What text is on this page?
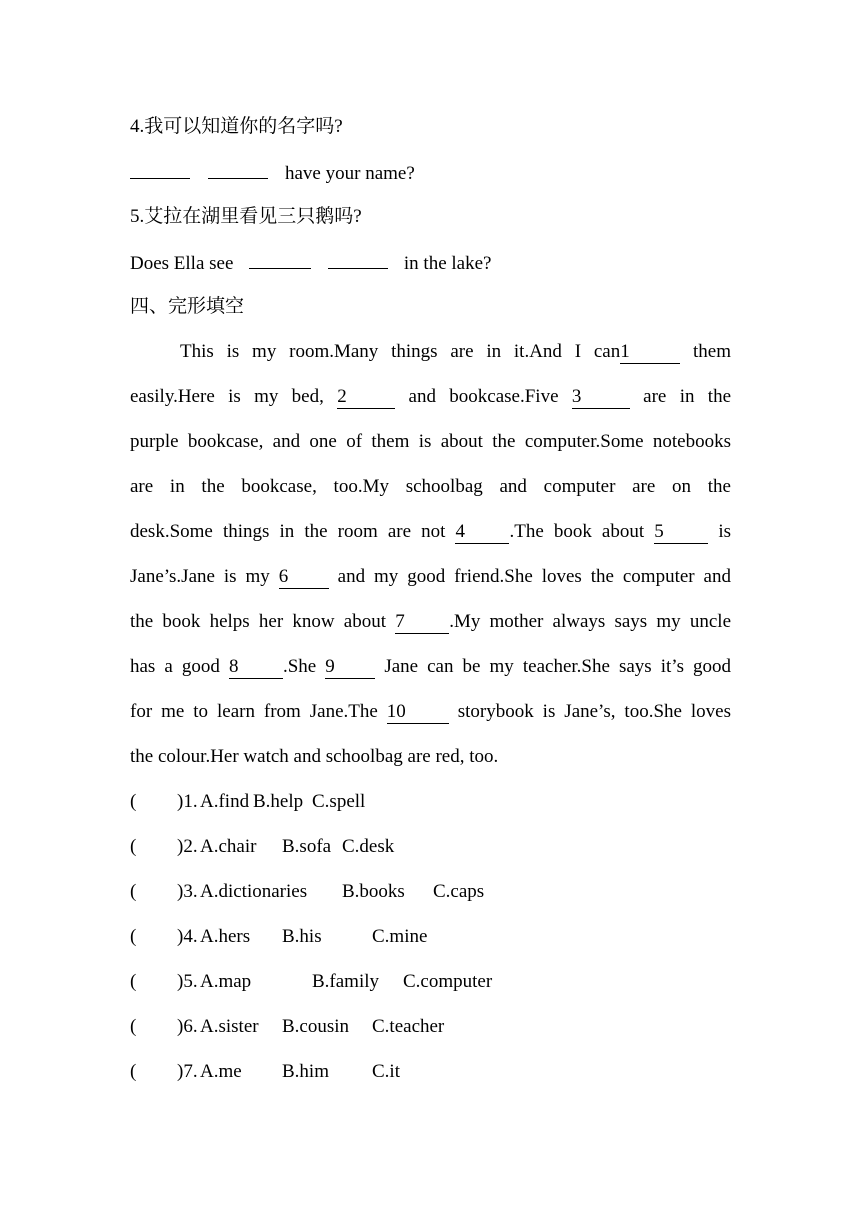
4.我可以知道你的名字吗?
have your name?
5.艾拉在湖里看见三只鹅吗?
Does Ella see	in the lake?
四、完形填空
This is my room.Many things are in it.And I can1	them
easily.Here is my bed, 2	and bookcase.Five 3	are in the
purple bookcase, and one of them is about the computer.Some notebooks
are in the bookcase, too.My schoolbag and computer are on the
desk.Some things in the room are not 4 .The book about 5	is
Jane’s.Jane is my 6	and my good friend.She loves the computer and
the book helps her know about 7 .My mother always says my uncle
has a good 8 .She 9	Jane can be my teacher.She says it’s good
for me to learn from Jane.The 10	storybook is Jane’s, too.She loves
the colour.Her watch and schoolbag are red, too.
( )1. A.find B.help C.spell
( )2. A.chair B.sofa C.desk
( )3. A.dictionaries B.books C.caps
( )4. A.hers B.his	C.mine
( )5. A.map	B.family C.computer
( )6. A.sister B.cousin C.teacher
( )7. A.me B.him C.it
